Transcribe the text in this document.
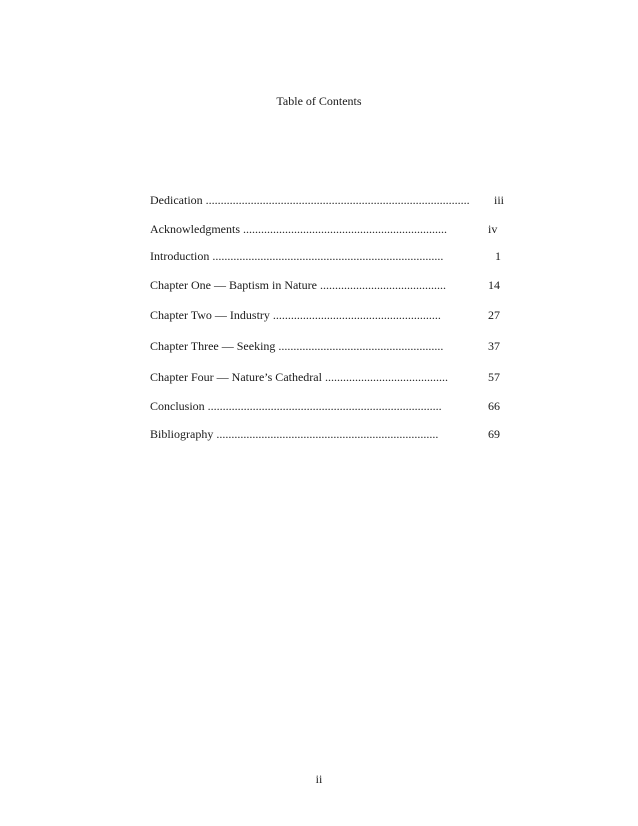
Table of Contents
Dedication ........................................................................................ iii
Acknowledgments ....................................................................	iv
Introduction .............................................................................	1
Chapter One — Baptism in Nature ..........................................	14
Chapter Two — Industry ........................................................	27
Chapter Three — Seeking .......................................................	37
Chapter Four — Nature’s Cathedral .........................................	57
Conclusion ..............................................................................	66
Bibliography ..........................................................................	69
ii
